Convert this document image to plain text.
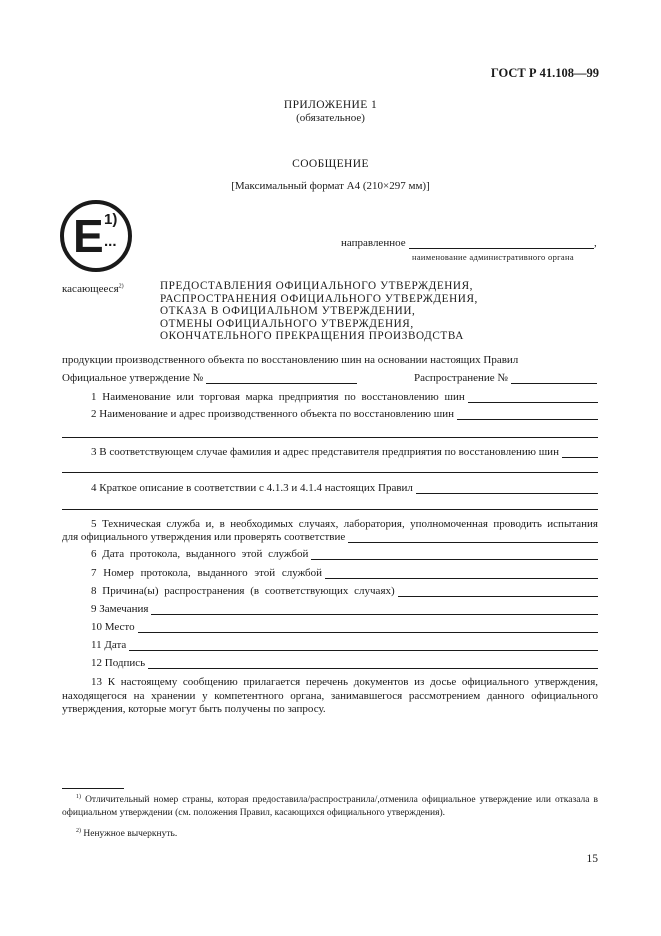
ГОСТ Р 41.108—99
ПРИЛОЖЕНИЕ 1
(обязательное)
СООБЩЕНИЕ
[Максимальный формат А4 (210×297 мм)]
E 1)
...	направленное	,
наименование административного органа
касающееся$^{2)}$	ПРЕДОСТАВЛЕНИЯ ОФИЦИАЛЬНОГО УТВЕРЖДЕНИЯ,
РАСПРОСТРАНЕНИЯ ОФИЦИАЛЬНОГО УТВЕРЖДЕНИЯ,
ОТКАЗА В ОФИЦИАЛЬНОМ УТВЕРЖДЕНИИ,
ОТМЕНЫ ОФИЦИАЛЬНОГО УТВЕРЖДЕНИЯ,
ОКОНЧАТЕЛЬНОГО ПРЕКРАЩЕНИЯ ПРОИЗВОДСТВА
продукции производственного объекта по восстановлению шин на основании настоящих Правил
Официальное утверждение №	Распространение №
1 Наименование или торговая марка предприятия по восстановлению шин
2 Наименование и адрес производственного объекта по восстановлению шин
3 В соответствующем случае фамилия и адрес представителя предприятия по восстановлению шин
4 Краткое описание в соответствии с 4.1.3 и 4.1.4 настоящих Правил
5 Техническая служба и, в необходимых случаях, лаборатория, уполномоченная проводить испытания
для официального утверждения или проверять соответствие
6 Дата протокола, выданного этой службой
7 Номер протокола, выданного этой службой
8 Причина(ы) распространения (в соответствующих случаях)
9 Замечания
10 Место
11 Дата
12 Подпись
13 К настоящему сообщению прилагается перечень документов из досье официального утверждения, находящегося на хранении у компетентного органа, занимавшегося рассмотрением данного официального утверждения, которые могут быть получены по запросу.
$^{1)}$ Отличительный номер страны, которая предоставила/распространила/,отменила официальное утверждение или отказала в официальном утверждении (см. положения Правил, касающихся официального утверждения).
$^{2)}$ Ненужное вычеркнуть.
15
